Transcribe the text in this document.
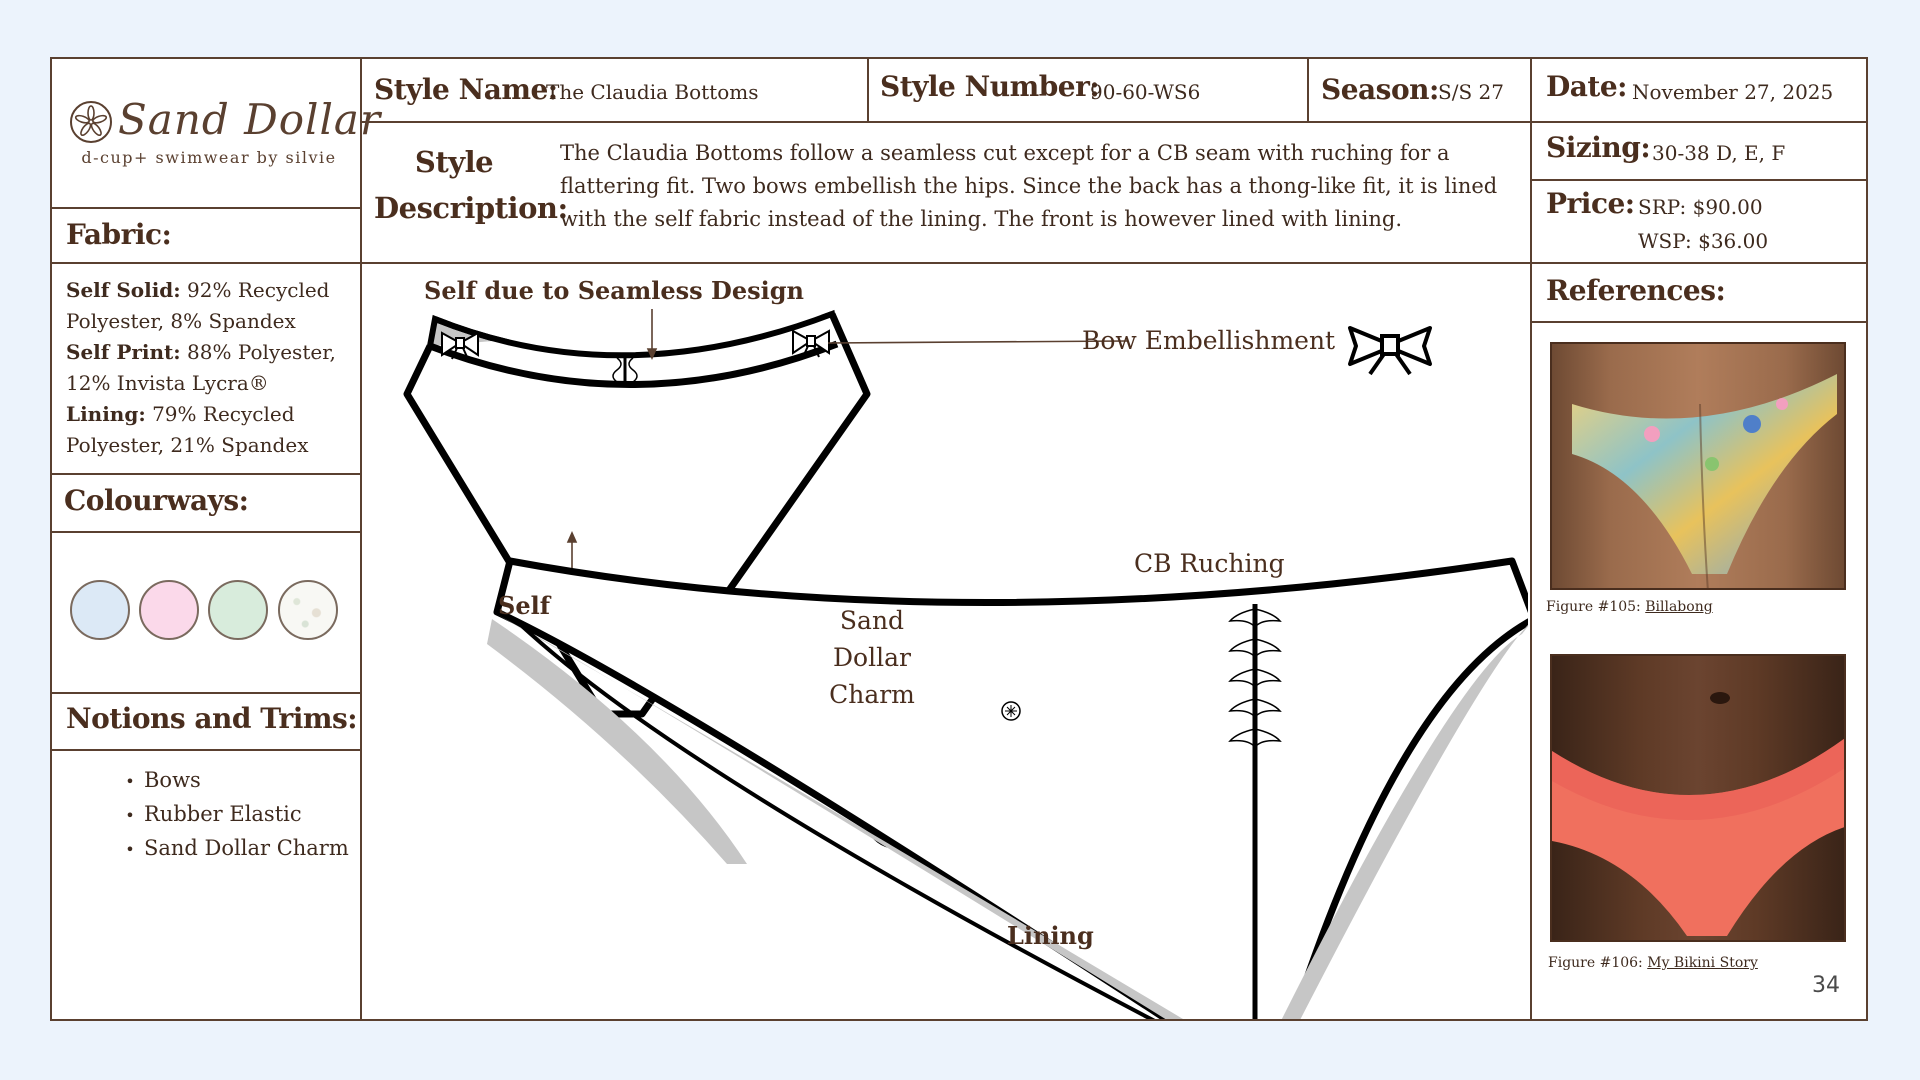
Sand Dollar
d-cup+ swimwear by silvie
Style Name:
The Claudia Bottoms	Style Number:
90-60-WS6	Season: S/S 27 Date: November 27, 2025
Style
Description:
The Claudia Bottoms follow a seamless cut except for a CB seam with ruching for a
flattering fit. Two bows embellish the hips. Since the back has a thong-like fit, it is lined
with the self fabric instead of the lining. The front is however lined with lining.
Sizing: 30-38 D, E, F
Price: SRP: $90.00
WSP: $36.00
Fabric:
Self Solid: 92% Recycled
Polyester, 8% Spandex
Self Print: 88% Polyester,
12% Invista Lycra®
Lining: 79% Recycled
Polyester, 21% Spandex
Colourways:
Notions and Trims:
• Bows
• Rubber Elastic
• Sand Dollar Charm
References:
Figure #105: Billabong
Figure #106: My Bikini Story
34
Self due to Seamless Design
Bow Embellishment
Self
CB Ruching
Sand
Dollar
Charm
Lining
